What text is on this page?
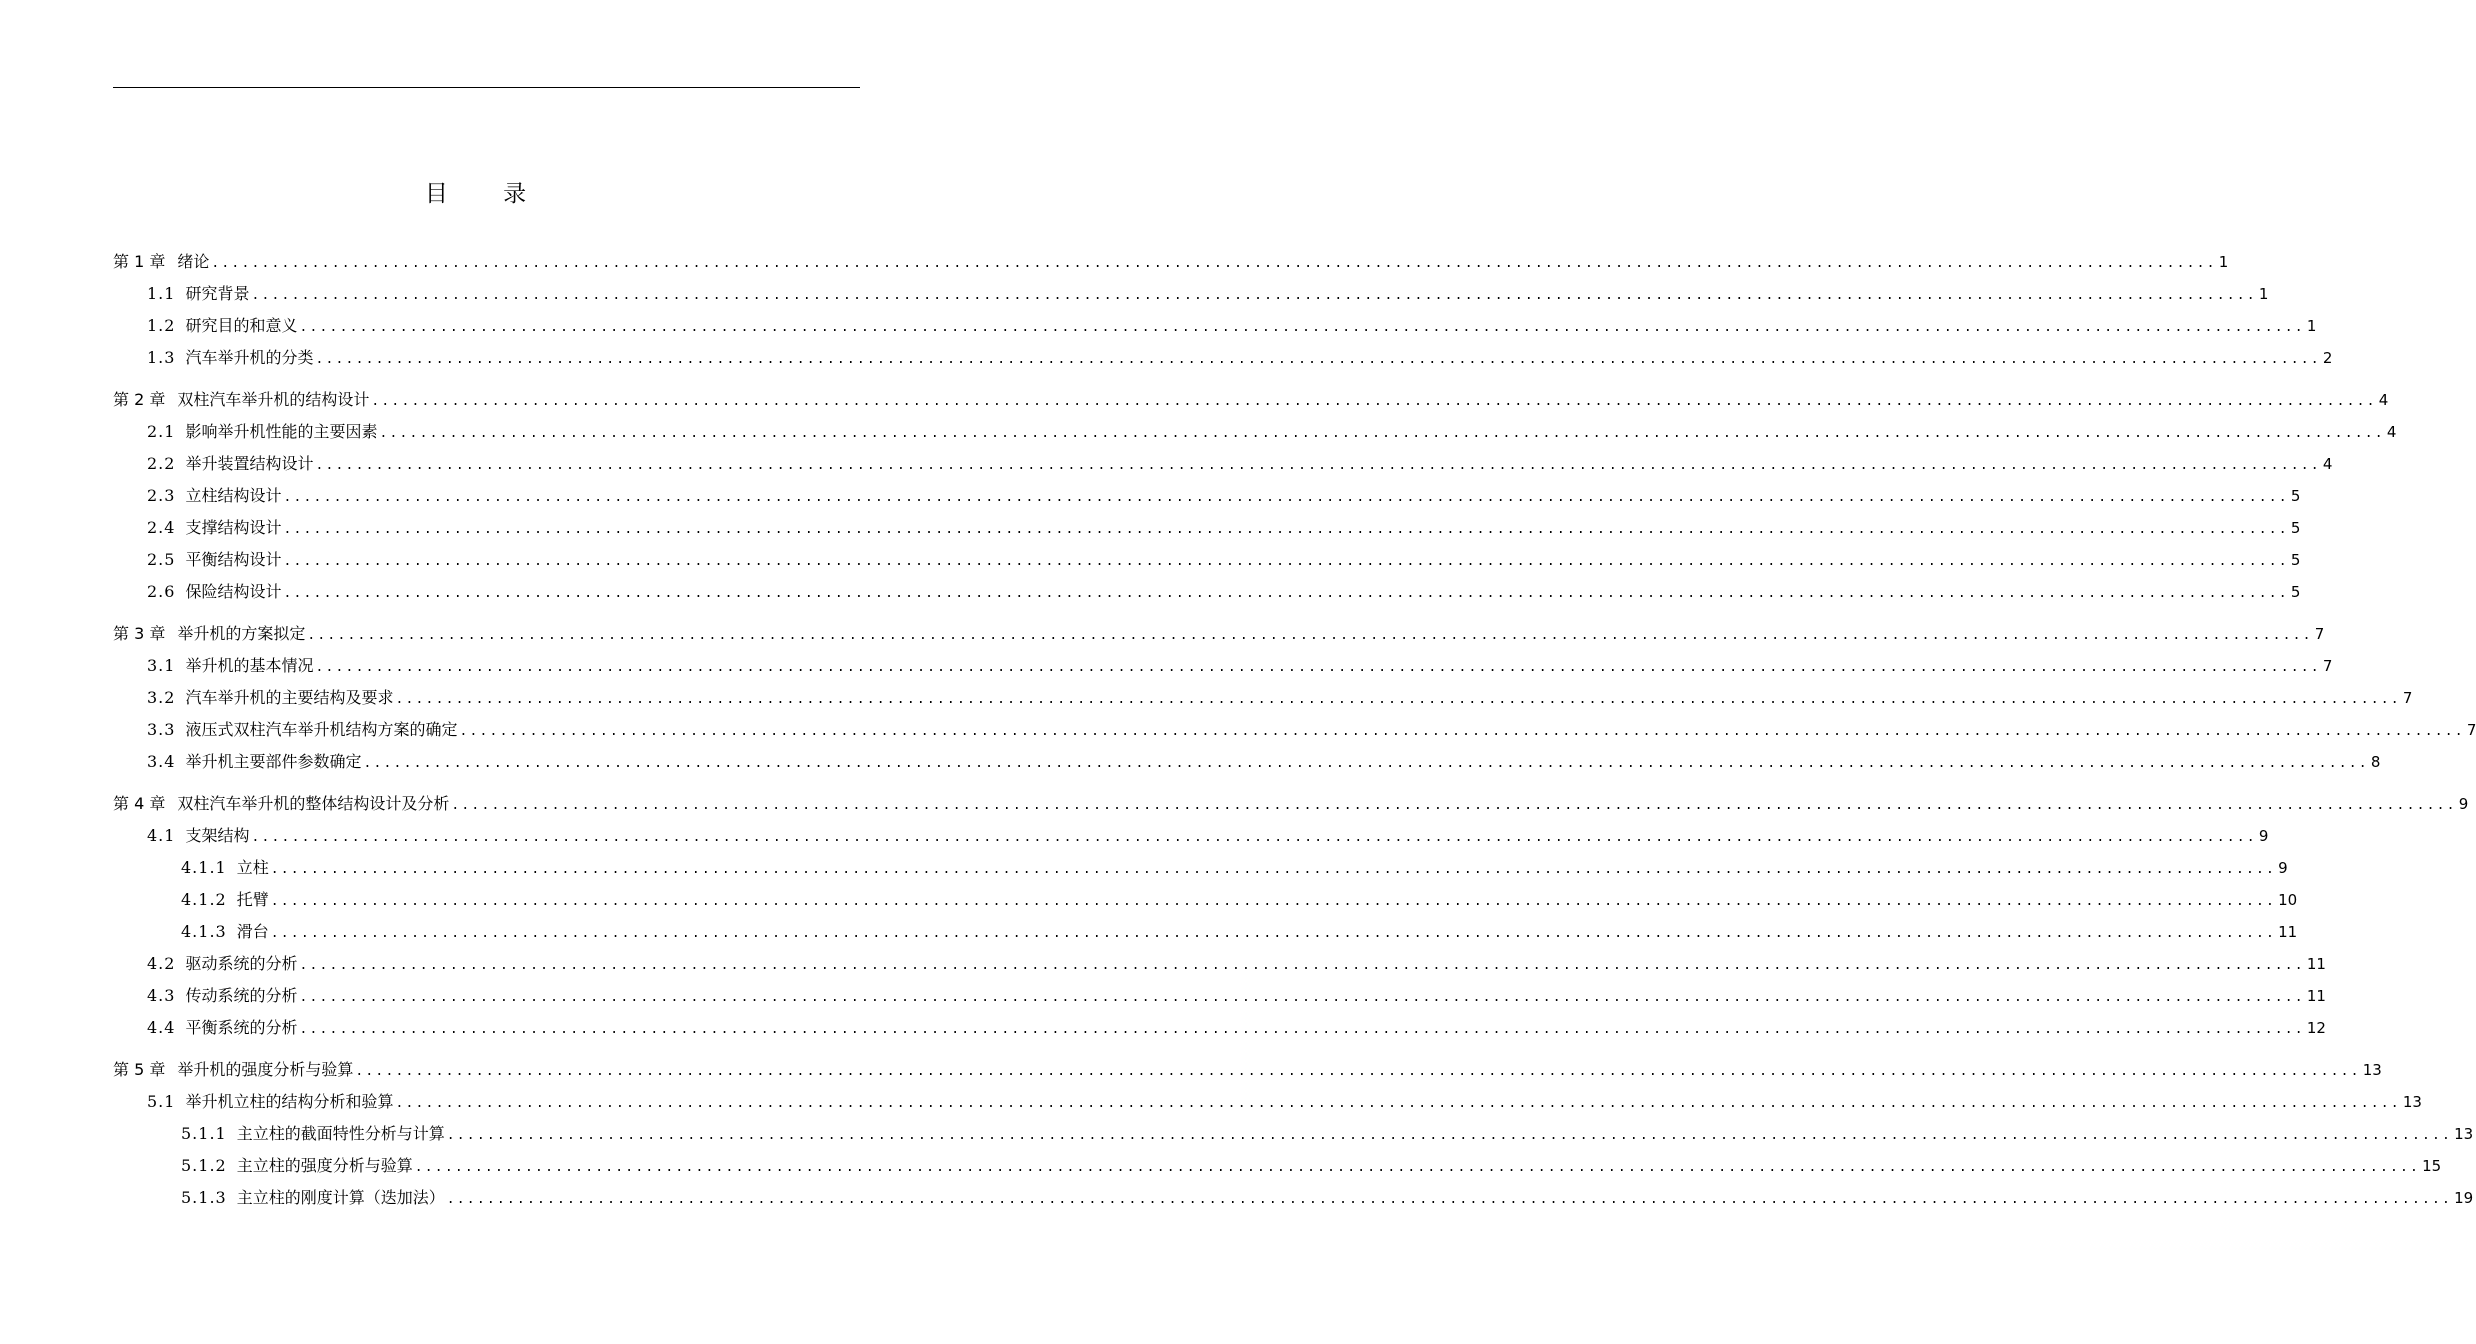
目 录
第 1 章 绪论 ........................................................................................................................................................................................................ 1
1.1 研究背景 ........................................................................................................................................................................................................ 1
1.2 研究目的和意义 ........................................................................................................................................................................................................ 1
1.3 汽车举升机的分类 ........................................................................................................................................................................................................ 2
第 2 章 双柱汽车举升机的结构设计 ........................................................................................................................................................................................................ 4
2.1 影响举升机性能的主要因素 ........................................................................................................................................................................................................ 4
2.2 举升装置结构设计 ........................................................................................................................................................................................................ 4
2.3 立柱结构设计 ........................................................................................................................................................................................................ 5
2.4 支撑结构设计 ........................................................................................................................................................................................................ 5
2.5 平衡结构设计 ........................................................................................................................................................................................................ 5
2.6 保险结构设计 ........................................................................................................................................................................................................ 5
第 3 章 举升机的方案拟定 ........................................................................................................................................................................................................ 7
3.1 举升机的基本情况 ........................................................................................................................................................................................................ 7
3.2 汽车举升机的主要结构及要求 ........................................................................................................................................................................................................ 7
3.3 液压式双柱汽车举升机结构方案的确定 ........................................................................................................................................................................................................ 7
3.4 举升机主要部件参数确定 ........................................................................................................................................................................................................ 8
第 4 章 双柱汽车举升机的整体结构设计及分析 ........................................................................................................................................................................................................ 9
4.1 支架结构 ........................................................................................................................................................................................................ 9
4.1.1 立柱 ........................................................................................................................................................................................................ 9
4.1.2 托臂 ........................................................................................................................................................................................................ 10
4.1.3 滑台 ........................................................................................................................................................................................................ 11
4.2 驱动系统的分析 ........................................................................................................................................................................................................ 11
4.3 传动系统的分析 ........................................................................................................................................................................................................ 11
4.4 平衡系统的分析 ........................................................................................................................................................................................................ 12
第 5 章 举升机的强度分析与验算 ........................................................................................................................................................................................................ 13
5.1 举升机立柱的结构分析和验算 ........................................................................................................................................................................................................ 13
5.1.1 主立柱的截面特性分析与计算 ........................................................................................................................................................................................................ 13
5.1.2 主立柱的强度分析与验算 ........................................................................................................................................................................................................ 15
5.1.3 主立柱的刚度计算（迭加法） ........................................................................................................................................................................................................ 19
